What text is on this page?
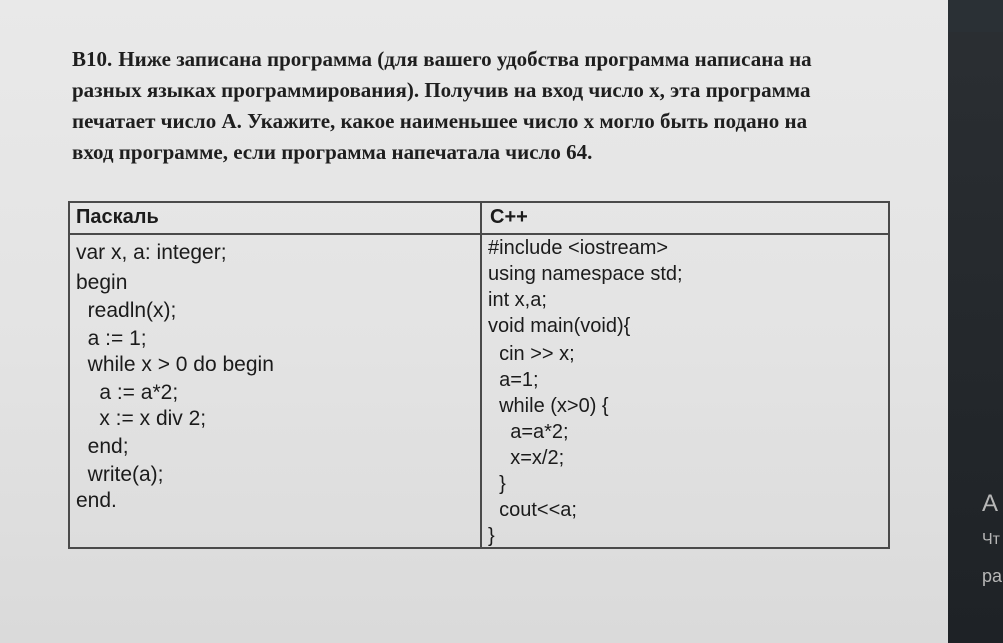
B10. Ниже записана программа (для вашего удобства программа написана на
разных языках программирования). Получив на вход число x, эта программа
печатает число A. Укажите, какое наименьшее число x могло быть подано на
вход программе, если программа напечатала число 64.
Паскаль	C++

var x, a: integer;

begin

readln(x);

a := 1;

while x > 0 do begin

a := a*2;

x := x div 2;

end;

write(a);

end.

#include <iostream>

using namespace std;

int x,a;

void main(void){

cin >> x;

a=1;

while (x>0) {

a=a*2;

x=x/2;

}

cout<<a;

}

A
Чт
ра
